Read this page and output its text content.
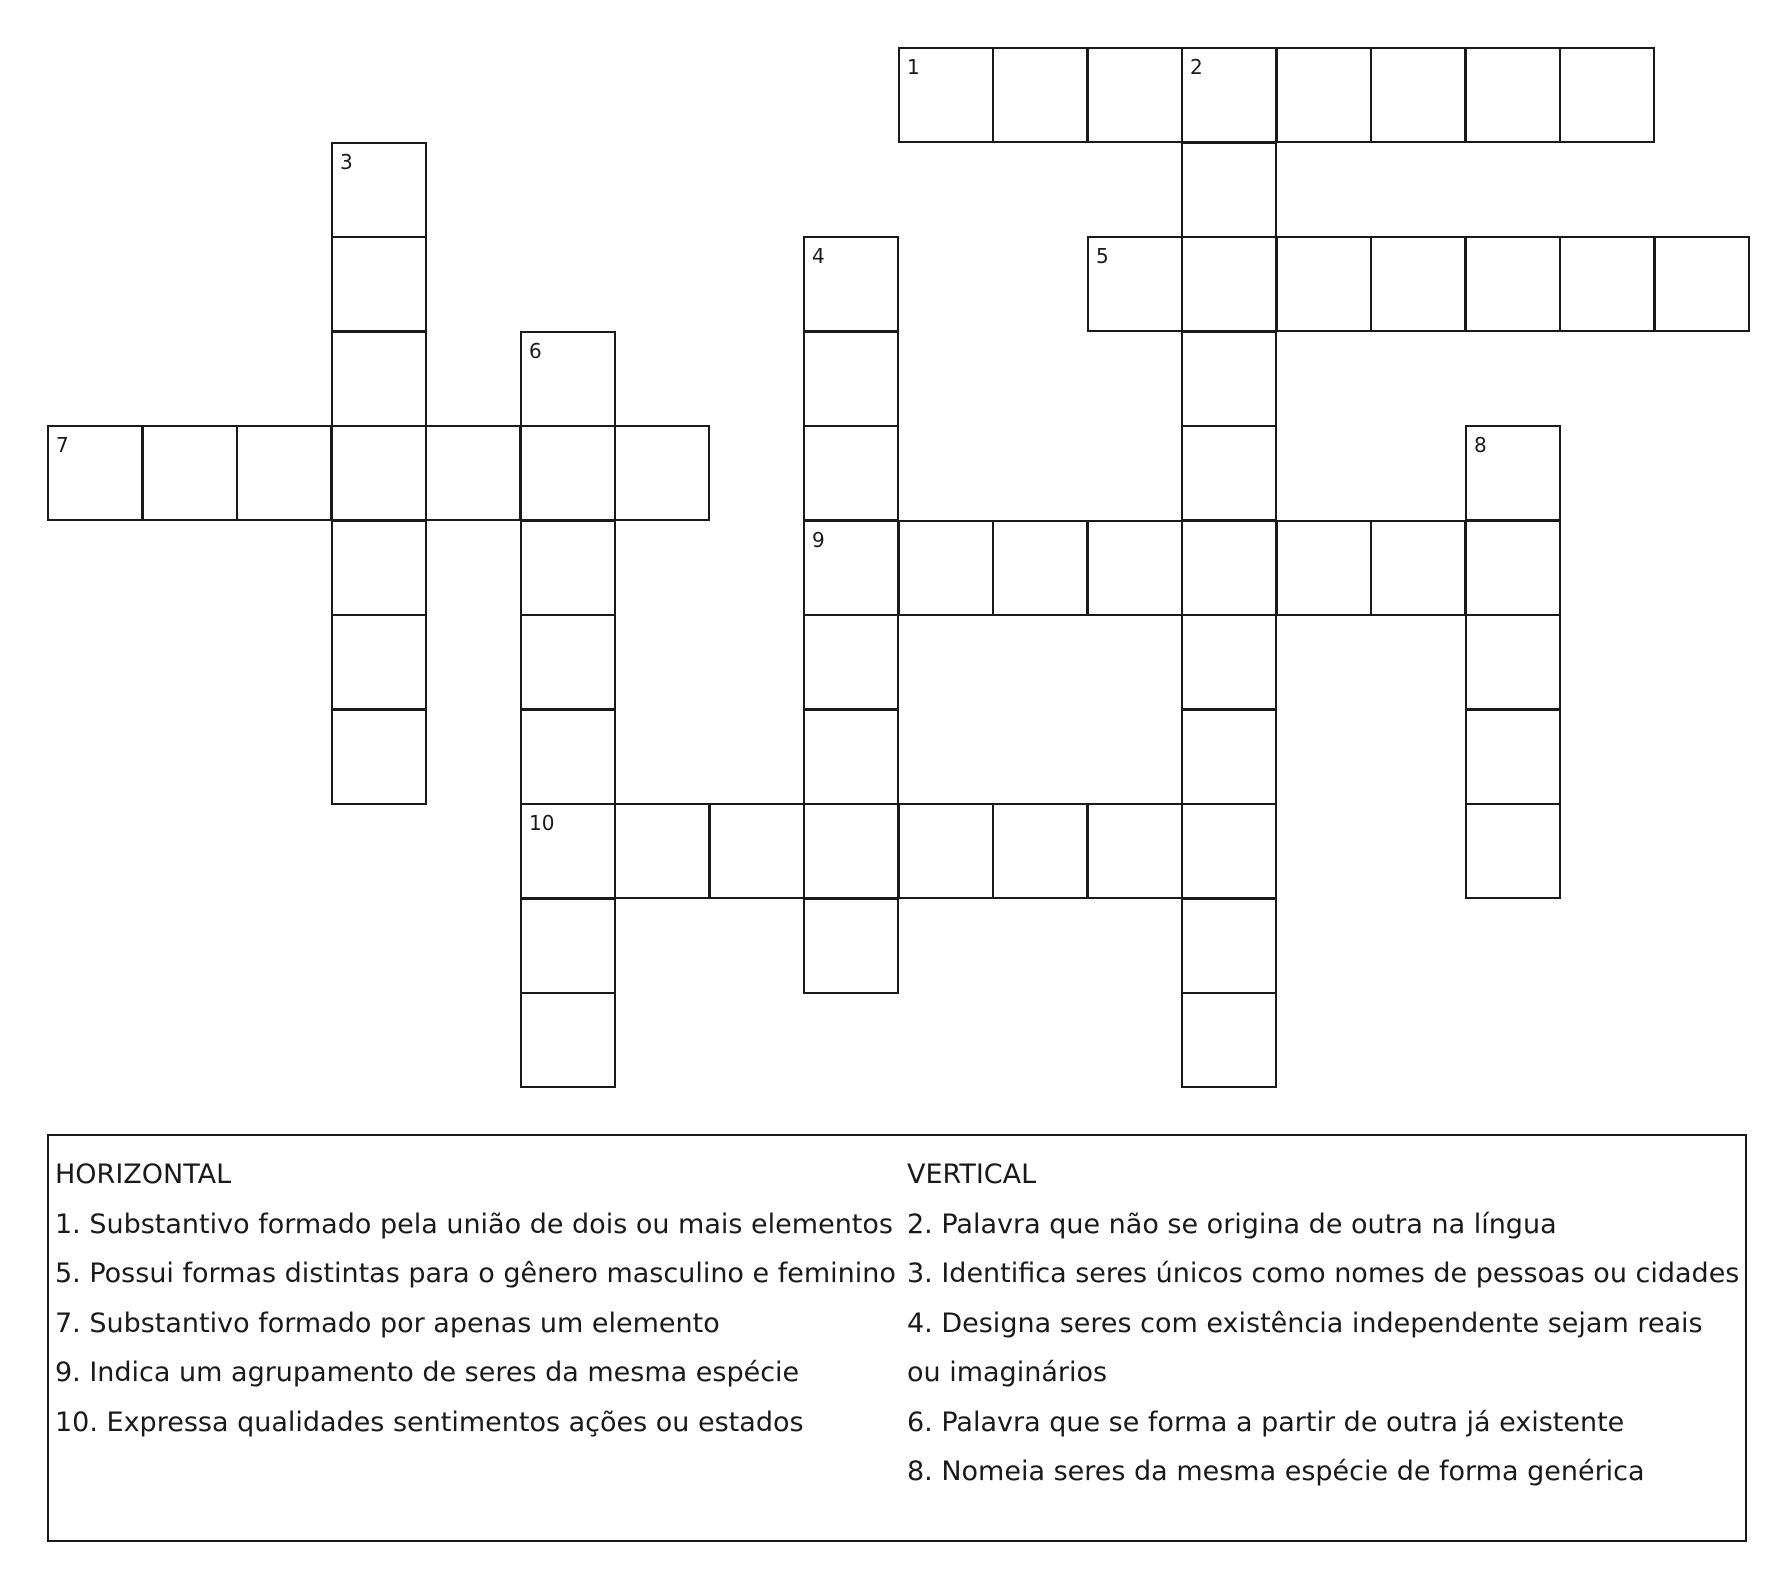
1	2
3
4
9
5
6
10
7	8
HORIZONTAL
1. Substantivo formado pela união de dois ou mais elementos
5. Possui formas distintas para o gênero masculino e feminino
7. Substantivo formado por apenas um elemento
9. Indica um agrupamento de seres da mesma espécie
10. Expressa qualidades sentimentos ações ou estados
VERTICAL
2. Palavra que não se origina de outra na língua
3. Identifica seres únicos como nomes de pessoas ou cidades
4. Designa seres com existência independente sejam reais ou imaginários
6. Palavra que se forma a partir de outra já existente
8. Nomeia seres da mesma espécie de forma genérica
